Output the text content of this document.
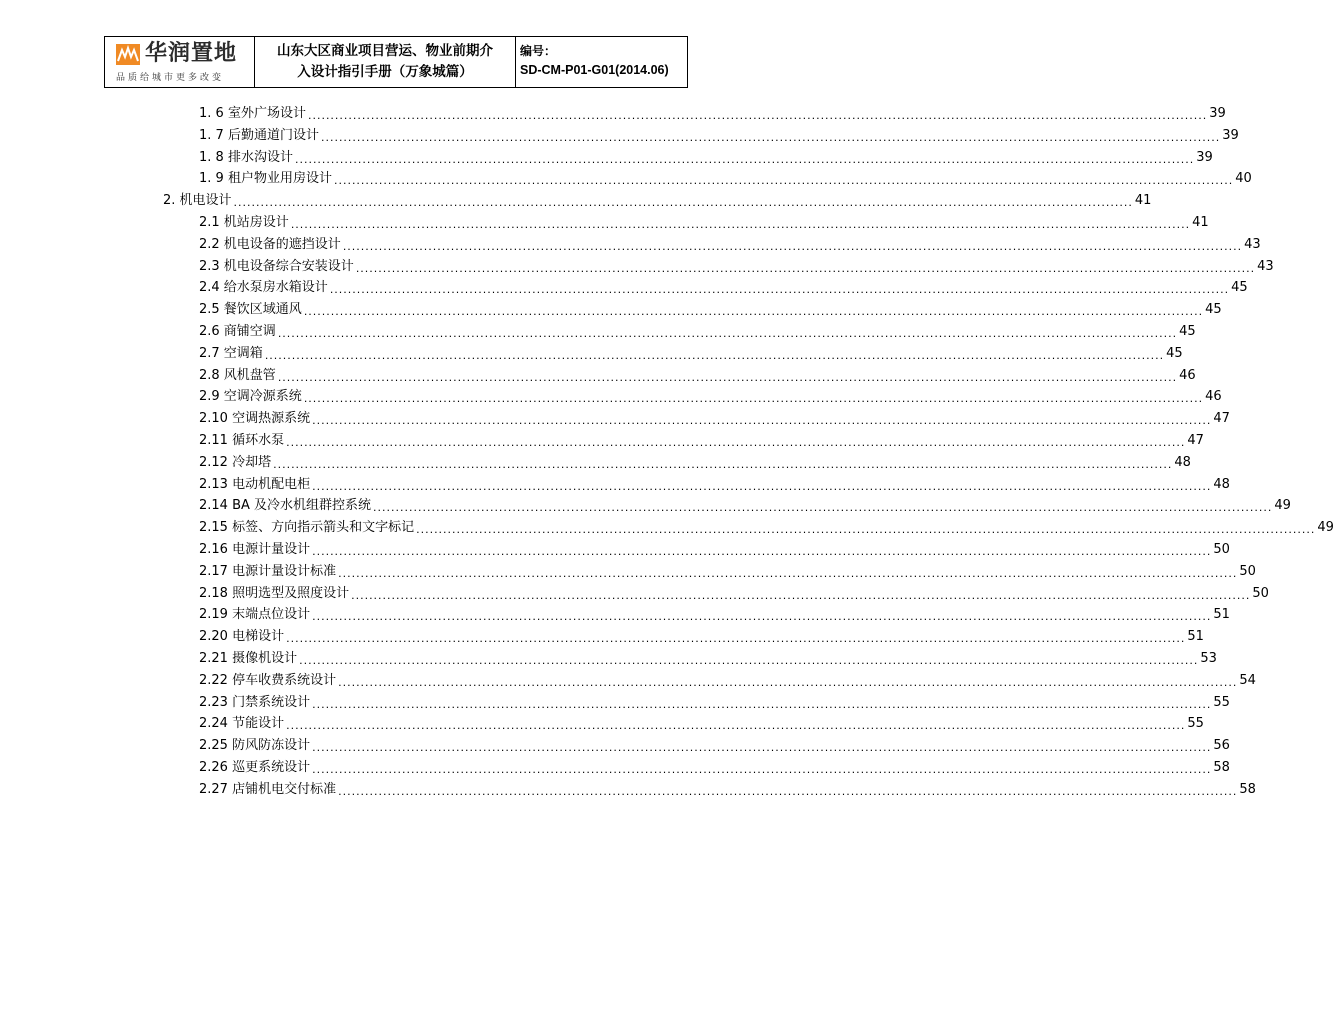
华润置地
品质给城市更多改变
山东大区商业项目营运、物业前期介
入设计指引手册（万象城篇）
编号：
SD-CM-P01-G01(2014.06)
1. 6 室外广场设计 ........................................................................................................................................................................................................ 39
1. 7 后勤通道门设计 ........................................................................................................................................................................................................ 39
1. 8 排水沟设计 ........................................................................................................................................................................................................ 39
1. 9 租户物业用房设计 ........................................................................................................................................................................................................ 40
2. 机电设计 ........................................................................................................................................................................................................ 41
2.1 机站房设计 ........................................................................................................................................................................................................ 41
2.2 机电设备的遮挡设计 ........................................................................................................................................................................................................ 43
2.3 机电设备综合安装设计 ........................................................................................................................................................................................................ 43
2.4 给水泵房水箱设计 ........................................................................................................................................................................................................ 45
2.5 餐饮区域通风 ........................................................................................................................................................................................................ 45
2.6 商铺空调 ........................................................................................................................................................................................................ 45
2.7 空调箱 ........................................................................................................................................................................................................ 45
2.8 风机盘管 ........................................................................................................................................................................................................ 46
2.9 空调冷源系统 ........................................................................................................................................................................................................ 46
2.10 空调热源系统 ........................................................................................................................................................................................................ 47
2.11 循环水泵 ........................................................................................................................................................................................................ 47
2.12 冷却塔 ........................................................................................................................................................................................................ 48
2.13 电动机配电柜 ........................................................................................................................................................................................................ 48
2.14 BA 及冷水机组群控系统 ........................................................................................................................................................................................................ 49
2.15 标签、方向指示箭头和文字标记 ........................................................................................................................................................................................................ 49
2.16 电源计量设计 ........................................................................................................................................................................................................ 50
2.17 电源计量设计标准 ........................................................................................................................................................................................................ 50
2.18 照明选型及照度设计 ........................................................................................................................................................................................................ 50
2.19 末端点位设计 ........................................................................................................................................................................................................ 51
2.20 电梯设计 ........................................................................................................................................................................................................ 51
2.21 摄像机设计 ........................................................................................................................................................................................................ 53
2.22 停车收费系统设计 ........................................................................................................................................................................................................ 54
2.23 门禁系统设计 ........................................................................................................................................................................................................ 55
2.24 节能设计 ........................................................................................................................................................................................................ 55
2.25 防风防冻设计 ........................................................................................................................................................................................................ 56
2.26 巡更系统设计 ........................................................................................................................................................................................................ 58
2.27 店铺机电交付标准 ........................................................................................................................................................................................................ 58
